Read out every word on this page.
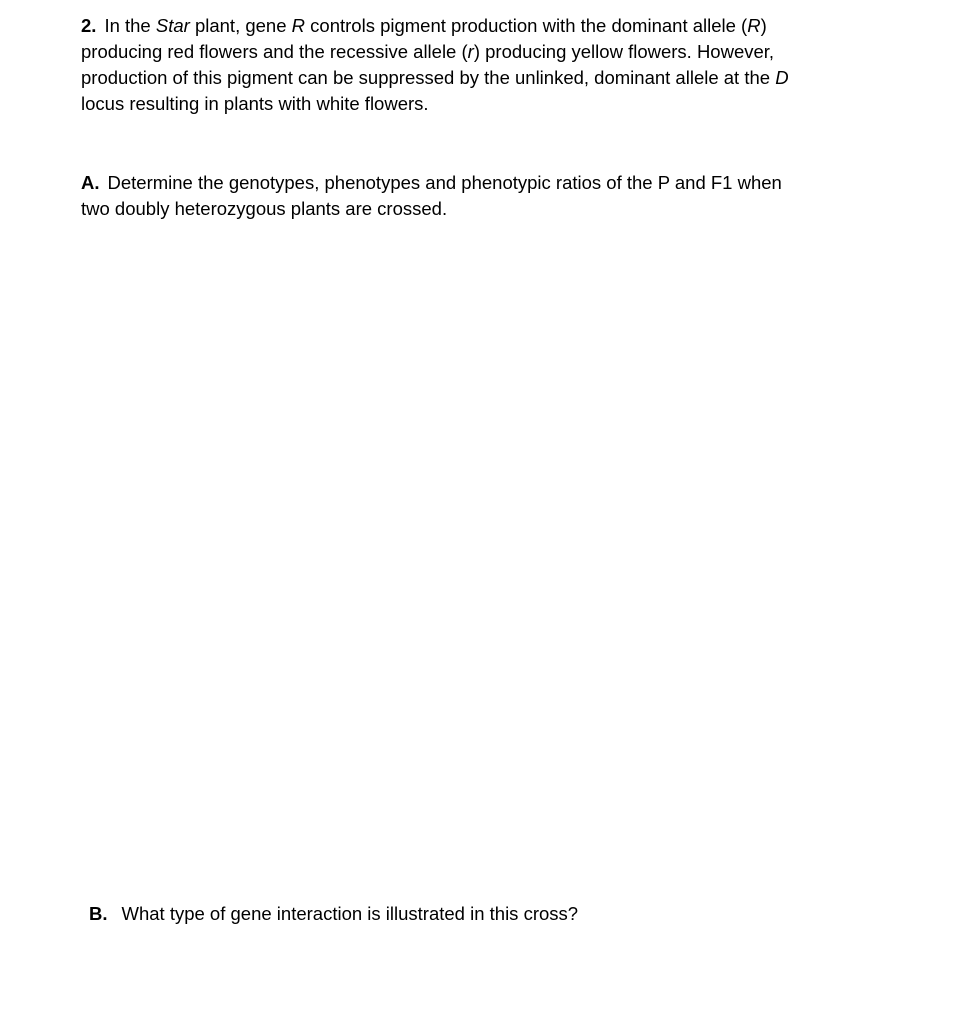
2. In the Star plant, gene R controls pigment production with the dominant allele (R)
producing red flowers and the recessive allele (r) producing yellow flowers. However,
production of this pigment can be suppressed by the unlinked, dominant allele at the D
locus resulting in plants with white flowers.
A. Determine the genotypes, phenotypes and phenotypic ratios of the P and F1 when
two doubly heterozygous plants are crossed.
B. What type of gene interaction is illustrated in this cross?
